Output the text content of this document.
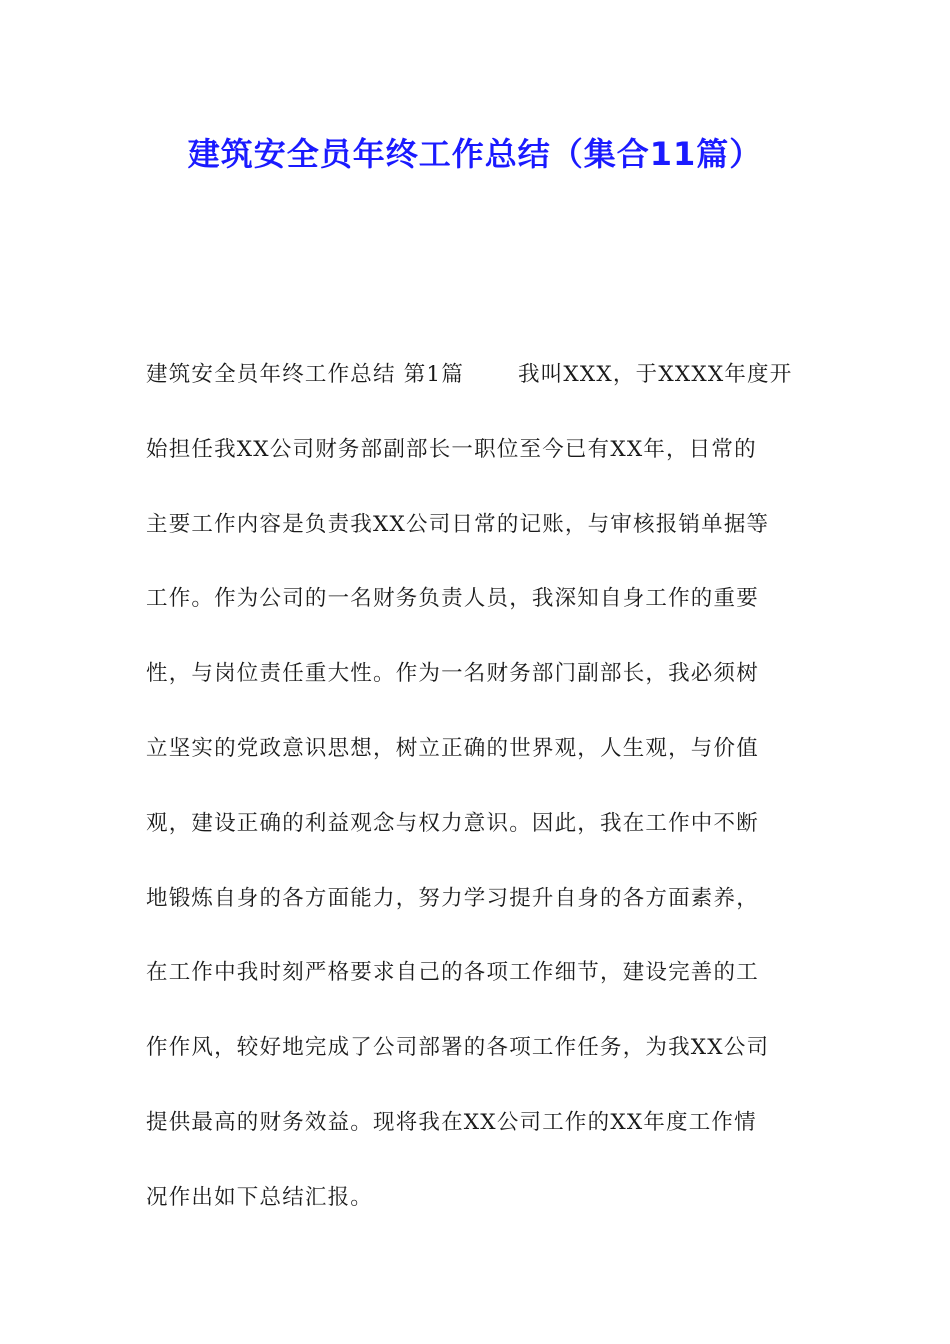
建筑安全员年终工作总结（集合11篇）
建筑安全员年终工作总结 第1篇	我叫XXX，于XXXX年度开
始担任我XX公司财务部副部长一职位至今已有XX年，日常的
主要工作内容是负责我XX公司日常的记账，与审核报销单据等
工作。作为公司的一名财务负责人员，我深知自身工作的重要
性，与岗位责任重大性。作为一名财务部门副部长，我必须树
立坚实的党政意识思想，树立正确的世界观，人生观，与价值
观，建设正确的利益观念与权力意识。因此，我在工作中不断
地锻炼自身的各方面能力，努力学习提升自身的各方面素养，
在工作中我时刻严格要求自己的各项工作细节，建设完善的工
作作风，较好地完成了公司部署的各项工作任务，为我XX公司
提供最高的财务效益。现将我在XX公司工作的XX年度工作情
况作出如下总结汇报。
